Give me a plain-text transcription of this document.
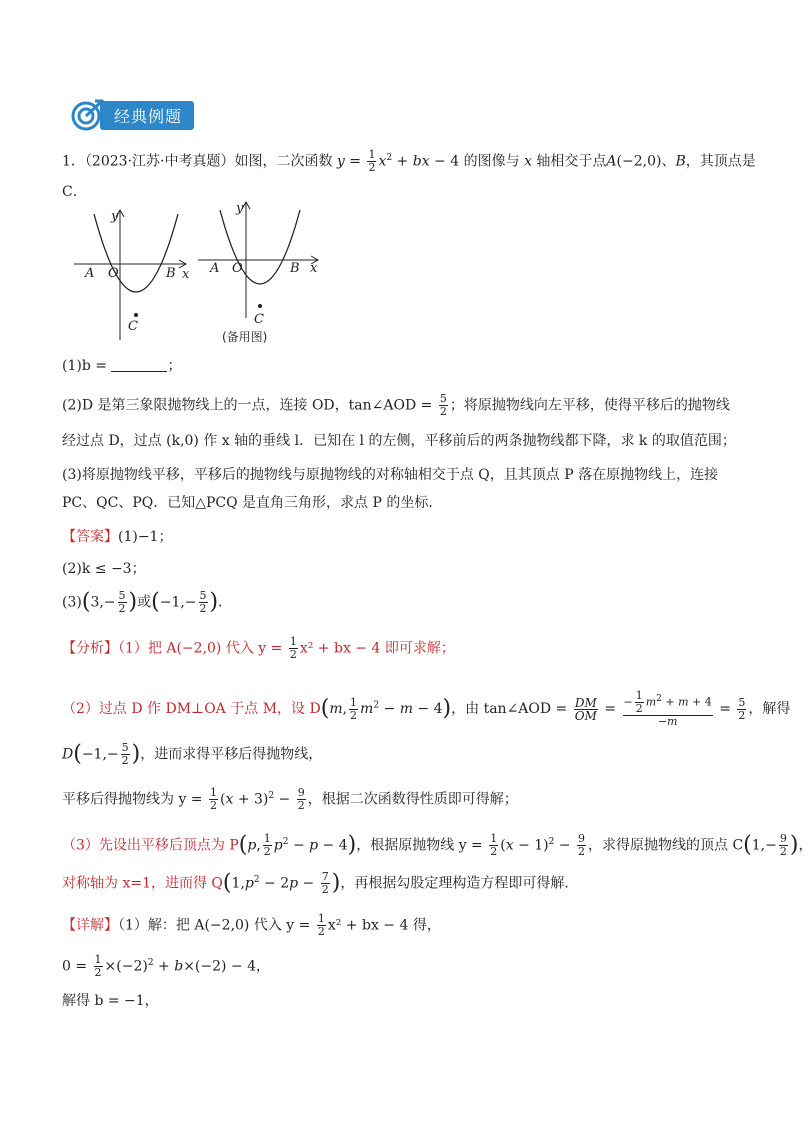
经典例题
1．（2023·江苏·中考真题）如图，二次函数 $y = \frac{1}{2} x^2$ + bx − 4 的图像与 x 轴相交于点A(−2,0)、B，其顶点是
C．
y
x
A O	B
C
y
x
A O	B
C
(备用图)
(1)b =	；
(2)D 是第三象限抛物线上的一点，连接 OD，tan∠AOD = $\frac{5}{2}$ ；将原抛物线向左平移，使得平移后的抛物线
经过点 D，过点 (k,0) 作 x 轴的垂线 l．已知在 l 的左侧，平移前后的两条抛物线都下降，求 k 的取值范围；
(3)将原抛物线平移，平移后的抛物线与原抛物线的对称轴相交于点 Q，且其顶点 P 落在原抛物线上，连接
PC、QC、PQ．已知△PCQ 是直角三角形，求点 P 的坐标．
【答案】(1)−1；
(2)k ≤ −3；
$(3)(3,- \frac{5}{2}$ )或($-1,- \frac{5}{2}$ )．
【分析】（1）把 A(−2,0) 代入 $y = \frac{1}{2} x^2$ + bx − 4 即可求解；
（2）过点 D 作 DM⊥OA 于点 M，设 D(m, $\frac{1}{2} m^2 - m - 4$)，由 tan∠AOD = $\frac{DM}{OM} = \frac{- \frac{1}{2} m^2 + m + 4}{-m} = \frac{5}{2}$ ，解得
$D(-1,- \frac{5}{2}$ )，进而求得平移后得抛物线，
平移后得抛物线为 $y = \frac{1}{2} (x + 3)^2 - \frac{9}{2}$ ，根据二次函数得性质即可得解；
（3）先设出平移后顶点为 P(p, $\frac{1}{2} p^2 - p - 4$)，根据原抛物线 $y = \frac{1}{2} (x - 1)^2 - \frac{9}{2}$ ，求得原抛物线的顶点 $C(1,- \frac{9}{2}$ )，
对称轴为 x=1，进而得 $Q(1,p^2 - 2p - \frac{7}{2}$ )，再根据勾股定理构造方程即可得解．
【详解】（1）解：把 A(−2,0) 代入 $y = \frac{1}{2} x^2$ + bx − 4 得，
$0 = \frac{1}{2} \times(-2)^2 + b\times(-2) - 4$，
解得 b = −1，
